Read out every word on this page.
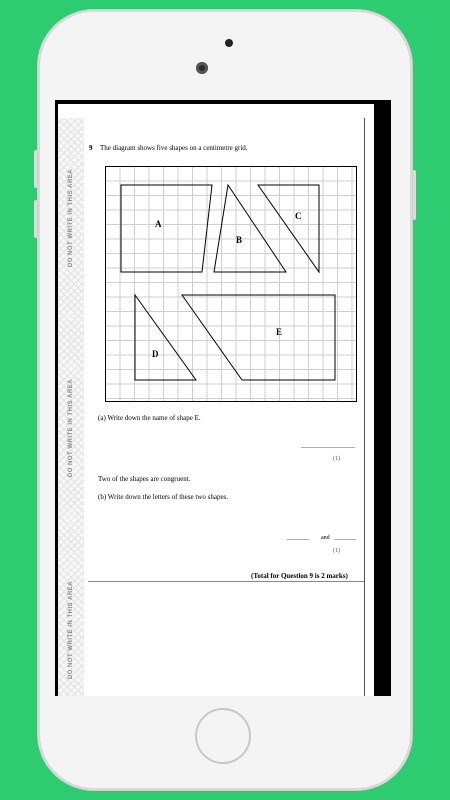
DO NOT WRITE IN THIS AREA
DO NOT WRITE IN THIS AREA
DO NOT WRITE IN THIS AREA
9 The diagram shows five shapes on a centimetre grid.
A
B
C
D
E
(a) Write down the name of shape E.
......................................................
(1)
Two of the shapes are congruent.
(b) Write down the letters of these two shapes.
...................... and ......................
(1)
(Total for Question 9 is 2 marks)
